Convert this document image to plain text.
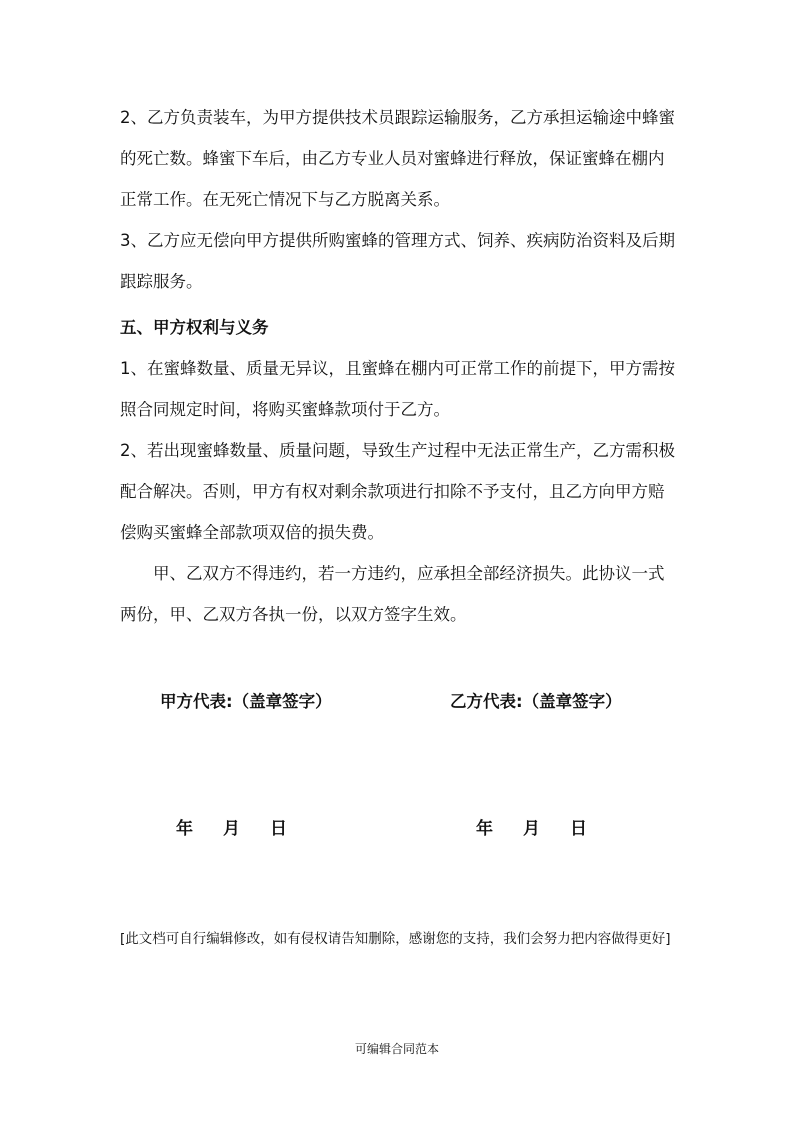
2、乙方负责装车，为甲方提供技术员跟踪运输服务，乙方承担运输途中蜂蜜的死亡数。蜂蜜下车后，由乙方专业人员对蜜蜂进行释放，保证蜜蜂在棚内正常工作。在无死亡情况下与乙方脱离关系。

3、乙方应无偿向甲方提供所购蜜蜂的管理方式、饲养、疾病防治资料及后期跟踪服务。

五、甲方权利与义务

1、在蜜蜂数量、质量无异议，且蜜蜂在棚内可正常工作的前提下，甲方需按照合同规定时间，将购买蜜蜂款项付于乙方。

2、若出现蜜蜂数量、质量问题，导致生产过程中无法正常生产，乙方需积极配合解决。否则，甲方有权对剩余款项进行扣除不予支付，且乙方向甲方赔偿购买蜜蜂全部款项双倍的损失费。

甲、乙双方不得违约，若一方违约，应承担全部经济损失。此协议一式两份，甲、乙双方各执一份，以双方签字生效。

甲方代表:（盖章签字）	乙方代表:（盖章签字）
年 月 日	年 月 日

[此文档可自行编辑修改，如有侵权请告知删除，感谢您的支持，我们会努力把内容做得更好]

可编辑合同范本
